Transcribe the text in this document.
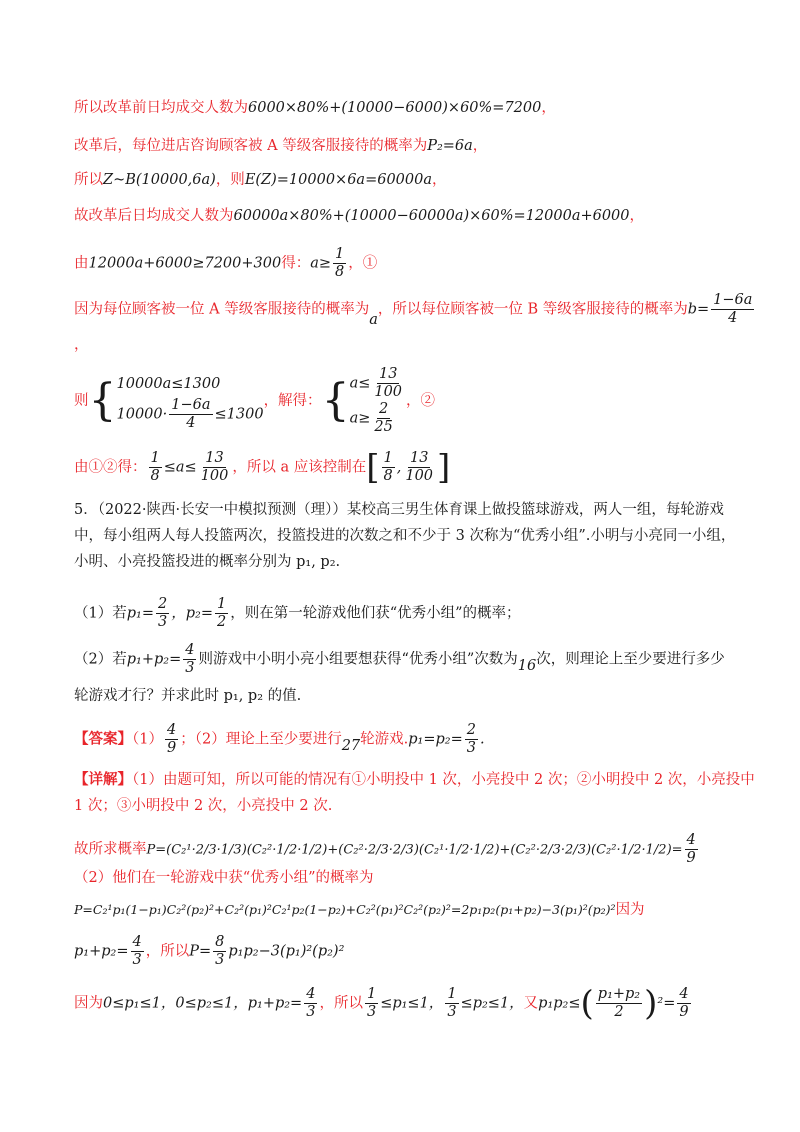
所以改革前日均成交人数为6000×80%+(10000−6000)×60%=7200，
改革后，每位进店咨询顾客被 A 等级客服接待的概率为P₂=6a，
所以Z~B(10000,6a)，则E(Z)=10000×6a=60000a，
故改革后日均成交人数为60000a×80%+(10000−60000a)×60%=12000a+6000，
由12000a+6000≥7200+300得：$a\ge \frac{1}{8}$ ，①
因为每位顾客被一位 A 等级客服接待的概率为a，所以每位顾客被一位 B 等级客服接待的概率为$b= \frac{1-6a}{4}$
，
则{ 10000a≤1300
$10000\cdot \frac{1-6a}{4} \le 1300$
，解得：{ $a\le \frac{13}{100}$
$a\ge \frac{2}{25}$ ，②
由①②得： $\frac{1}{8} \le a\le \frac{13}{100}$ ，所以 a 应该控制在[ $\frac{1}{8}$ , $\frac{13}{100}$ ]
5．（2022·陕西·长安一中模拟预测（理））某校高三男生体育课上做投篮球游戏，两人一组，每轮游戏
中，每小组两人每人投篮两次，投篮投进的次数之和不少于 3 次称为“优秀小组”.小明与小亮同一小组，
小明、小亮投篮投进的概率分别为 p₁, p₂.
（1）若$p_1= \frac{2}{3}$ ，$p_2= \frac{1}{2}$ ，则在第一轮游戏他们获“优秀小组”的概率；
（2）若$p_1+p_2= \frac{4}{3}$ 则游戏中小明小亮小组要想获得“优秀小组”次数为16次，则理论上至少要进行多少
轮游戏才行？并求此时 p₁, p₂ 的值.
【答案】$(1) \frac{4}{9}$ ；（2）理论上至少要进行27轮游戏$.p_1=p_2= \frac{2}{3}$ .
【详解】（1）由题可知，所以可能的情况有①小明投中 1 次，小亮投中 2 次；②小明投中 2 次，小亮投中
1 次；③小明投中 2 次，小亮投中 2 次.
故所求概率$P=(C_2^1\cdot 2/3\cdot 1/3)(C_2^2\cdot 1/2\cdot 1/2)+(C_2^2\cdot 2/3\cdot 2/3)(C_2^1\cdot 1/2\cdot 1/2)+(C_2^2\cdot 2/3\cdot 2/3)(C_2^2\cdot 1/2\cdot 1/2)= \frac{4}{9}$
（2）他们在一轮游戏中获“优秀小组”的概率为
P=C₂¹p₁(1−p₁)C₂²(p₂)²+C₂²(p₁)²C₂¹p₂(1−p₂)+C₂²(p₁)²C₂²(p₂)²=2p₁p₂(p₁+p₂)−3(p₁)²(p₂)²因为
$p_1+p_2= \frac{4}{3}$ ，所以$P= \frac{8}{3} p_1p_2-3(p_1)^2(p_2)^2$
因为0≤p₁≤1，0≤p₂≤1，$p_1+p_2= \frac{4}{3}$ ，所以 $\frac{1}{3} \le p_1\le 1$， $\frac{1}{3} \le p_2\le 1$，又$p_1p_2\le( \frac{\text{p₁+p₂}}{2} )^2= \frac{4}{9}$
